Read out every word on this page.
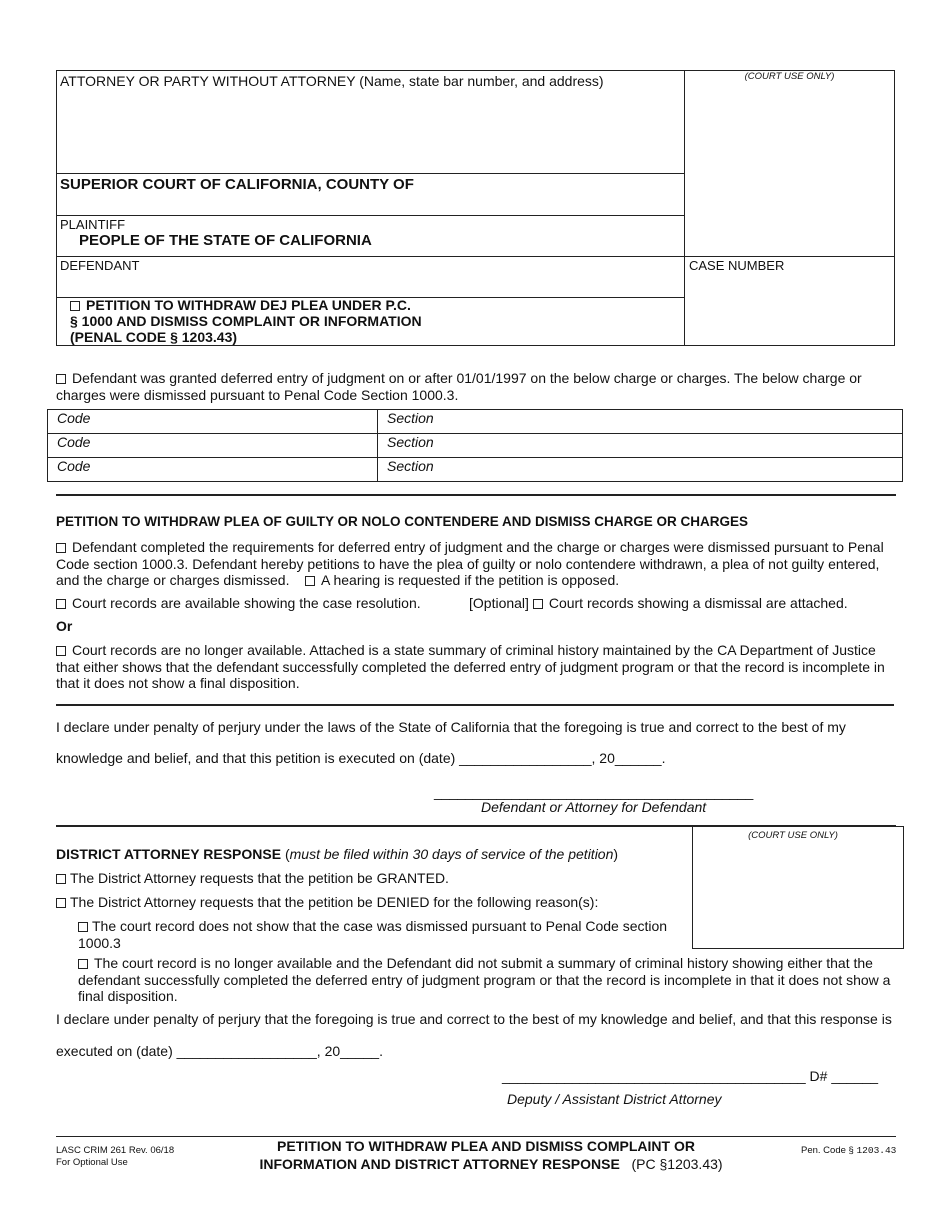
ATTORNEY OR PARTY WITHOUT ATTORNEY (Name, state bar number, and address)	(COURT USE ONLY)
SUPERIOR COURT OF CALIFORNIA, COUNTY OF
PLAINTIFF
PEOPLE OF THE STATE OF CALIFORNIA
DEFENDANT	CASE NUMBER
PETITION TO WITHDRAW DEJ PLEA UNDER P.C.
§ 1000 AND DISMISS COMPLAINT OR INFORMATION
(PENAL CODE § 1203.43)
Defendant was granted deferred entry of judgment on or after 01/01/1997 on the below charge or charges. The below charge or charges were dismissed pursuant to Penal Code Section 1000.3.
Code	Section
Code	Section
Code	Section
PETITION TO WITHDRAW PLEA OF GUILTY OR NOLO CONTENDERE AND DISMISS CHARGE OR CHARGES
Defendant completed the requirements for deferred entry of judgment and the charge or charges were dismissed pursuant to Penal Code section 1000.3. Defendant hereby petitions to have the plea of guilty or nolo contendere withdrawn, a plea of not guilty entered, and the charge or charges dismissed. A hearing is requested if the petition is opposed.
Court records are available showing the case resolution.	[Optional] Court records showing a dismissal are attached.
Or
Court records are no longer available. Attached is a state summary of criminal history maintained by the CA Department of Justice that either shows that the defendant successfully completed the deferred entry of judgment program or that the record is incomplete in that it does not show a final disposition.
I declare under penalty of perjury under the laws of the State of California that the foregoing is true and correct to the best of my
knowledge and belief, and that this petition is executed on (date) _________________, 20______.
_________________________________________
Defendant or Attorney for Defendant
(COURT USE ONLY)
DISTRICT ATTORNEY RESPONSE (must be filed within 30 days of service of the petition)
The District Attorney requests that the petition be GRANTED.
The District Attorney requests that the petition be DENIED for the following reason(s):
The court record does not show that the case was dismissed pursuant to Penal Code section 1000.3
The court record is no longer available and the Defendant did not submit a summary of criminal history showing either that the defendant successfully completed the deferred entry of judgment program or that the record is incomplete in that it does not show a final disposition.
I declare under penalty of perjury that the foregoing is true and correct to the best of my knowledge and belief, and that this response is
executed on (date) __________________, 20_____.
_______________________________________ D# ______
Deputy / Assistant District Attorney
LASC CRIM 261 Rev. 06/18
For Optional Use
PETITION TO WITHDRAW PLEA AND DISMISS COMPLAINT OR
INFORMATION AND DISTRICT ATTORNEY RESPONSE (PC §1203.43)
Pen. Code § 1203.43
